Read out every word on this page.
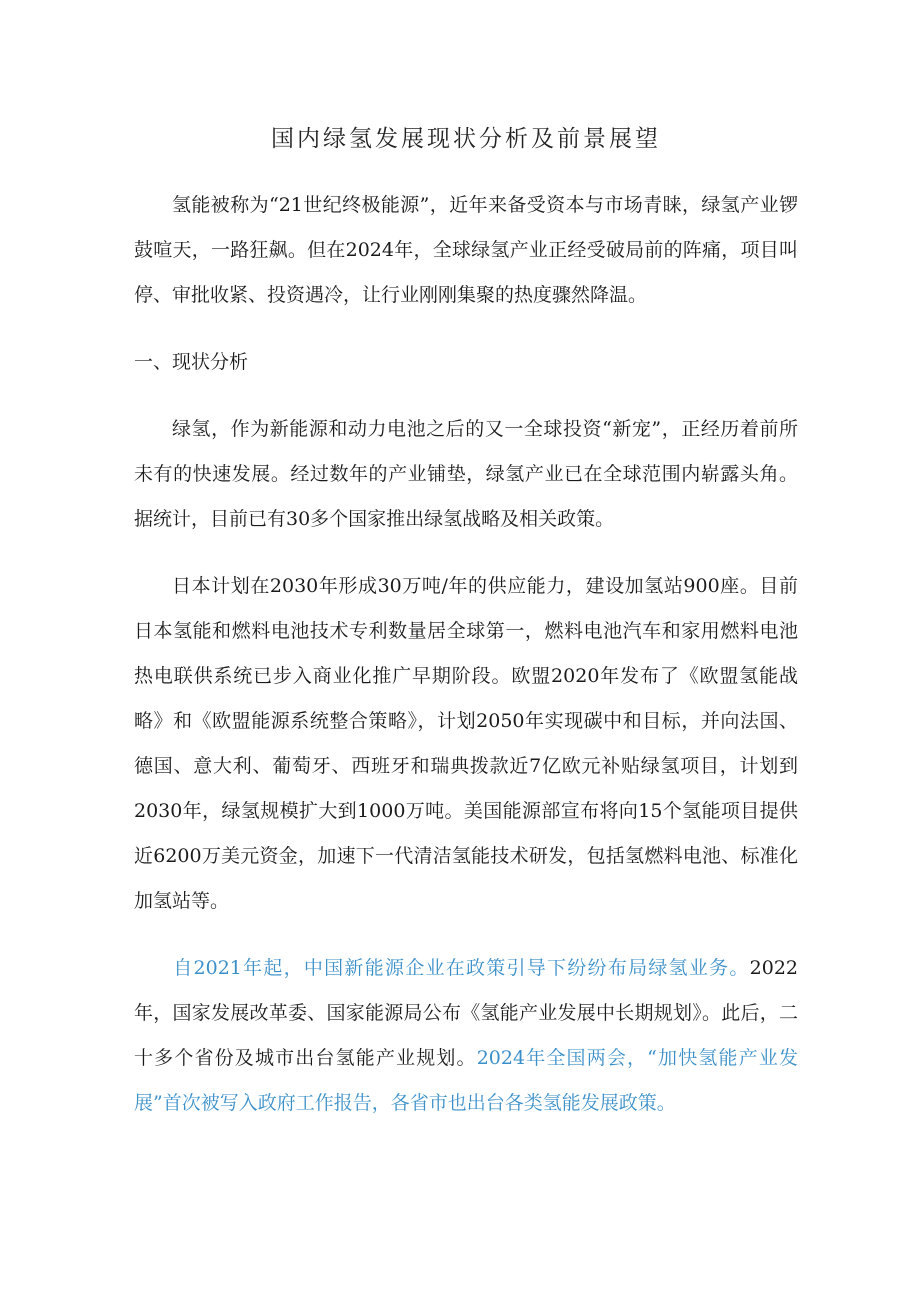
国内绿氢发展现状分析及前景展望

氢能被称为“21世纪终极能源”，近年来备受资本与市场青睐，绿氢产业锣鼓喧天，一路狂飙。但在2024年，全球绿氢产业正经受破局前的阵痛，项目叫停、审批收紧、投资遇冷，让行业刚刚集聚的热度骤然降温。

一、现状分析

绿氢，作为新能源和动力电池之后的又一全球投资“新宠”，正经历着前所未有的快速发展。经过数年的产业铺垫，绿氢产业已在全球范围内崭露头角。据统计，目前已有30多个国家推出绿氢战略及相关政策。

日本计划在2030年形成30万吨/年的供应能力，建设加氢站900座。目前日本氢能和燃料电池技术专利数量居全球第一，燃料电池汽车和家用燃料电池热电联供系统已步入商业化推广早期阶段。欧盟2020年发布了《欧盟氢能战略》和《欧盟能源系统整合策略》，计划2050年实现碳中和目标，并向法国、德国、意大利、葡萄牙、西班牙和瑞典拨款近7亿欧元补贴绿氢项目，计划到2030年，绿氢规模扩大到1000万吨。美国能源部宣布将向15个氢能项目提供近6200万美元资金，加速下一代清洁氢能技术研发，包括氢燃料电池、标准化加氢站等。

自2021年起，中国新能源企业在政策引导下纷纷布局绿氢业务。2022年，国家发展改革委、国家能源局公布《氢能产业发展中长期规划》。此后，二十多个省份及城市出台氢能产业规划。2024年全国两会，“加快氢能产业发展”首次被写入政府工作报告，各省市也出台各类氢能发展政策。
